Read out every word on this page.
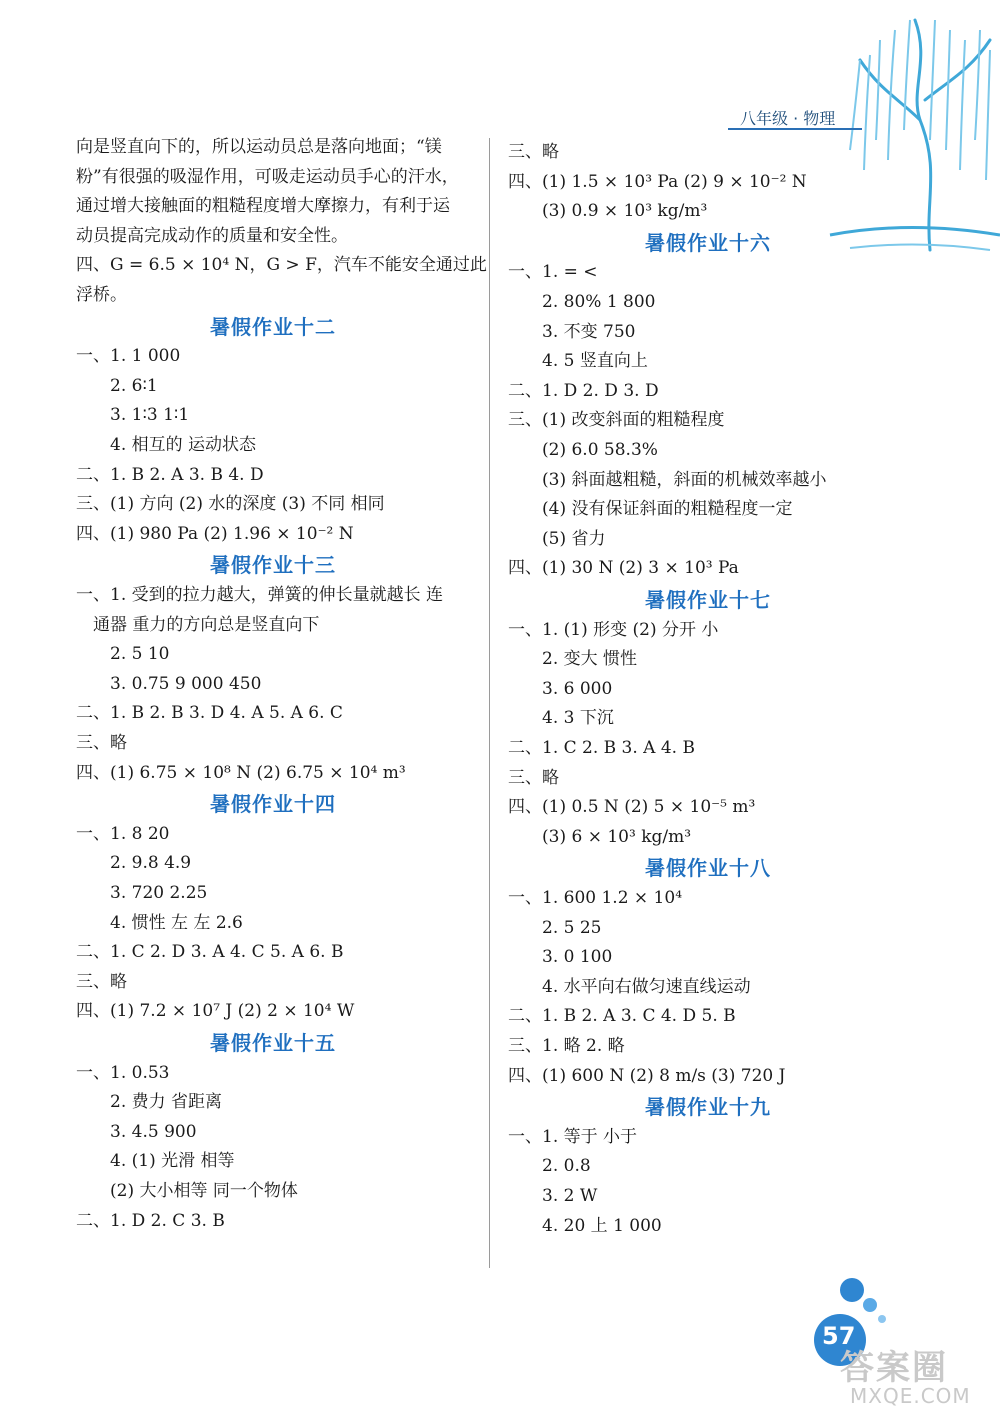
八年级 · 物理
向是竖直向下的，所以运动员总是落向地面；“镁
粉”有很强的吸湿作用，可吸走运动员手心的汗水，
通过增大接触面的粗糙程度增大摩擦力，有利于运
动员提高完成动作的质量和安全性。
四、G = 6.5 × 10⁴ N，G > F，汽车不能安全通过此
浮桥。
暑假作业十二
一、1. 1 000
2. 6∶1
3. 1∶3 1∶1
4. 相互的 运动状态
二、1. B 2. A 3. B 4. D
三、(1) 方向 (2) 水的深度 (3) 不同 相同
四、(1) 980 Pa (2) 1.96 × 10⁻² N
暑假作业十三
一、1. 受到的拉力越大，弹簧的伸长量就越长 连
通器 重力的方向总是竖直向下
2. 5 10
3. 0.75 9 000 450
二、1. B 2. B 3. D 4. A 5. A 6. C
三、略
四、(1) 6.75 × 10⁸ N (2) 6.75 × 10⁴ m³
暑假作业十四
一、1. 8 20
2. 9.8 4.9
3. 720 2.25
4. 惯性 左 左 2.6
二、1. C 2. D 3. A 4. C 5. A 6. B
三、略
四、(1) 7.2 × 10⁷ J (2) 2 × 10⁴ W
暑假作业十五
一、1. 0.53
2. 费力 省距离
3. 4.5 900
4. (1) 光滑 相等
(2) 大小相等 同一个物体
二、1. D 2. C 3. B
三、略
四、(1) 1.5 × 10³ Pa (2) 9 × 10⁻² N
(3) 0.9 × 10³ kg/m³
暑假作业十六
一、1. = <
2. 80% 1 800
3. 不变 750
4. 5 竖直向上
二、1. D 2. D 3. D
三、(1) 改变斜面的粗糙程度
(2) 6.0 58.3%
(3) 斜面越粗糙，斜面的机械效率越小
(4) 没有保证斜面的粗糙程度一定
(5) 省力
四、(1) 30 N (2) 3 × 10³ Pa
暑假作业十七
一、1. (1) 形变 (2) 分开 小
2. 变大 惯性
3. 6 000
4. 3 下沉
二、1. C 2. B 3. A 4. B
三、略
四、(1) 0.5 N (2) 5 × 10⁻⁵ m³
(3) 6 × 10³ kg/m³
暑假作业十八
一、1. 600 1.2 × 10⁴
2. 5 25
3. 0 100
4. 水平向右做匀速直线运动
二、1. B 2. A 3. C 4. D 5. B
三、1. 略 2. 略
四、(1) 600 N (2) 8 m/s (3) 720 J
暑假作业十九
一、1. 等于 小于
2. 0.8
3. 2 W
4. 20 上 1 000
57
答案圈
MXQE.COM
